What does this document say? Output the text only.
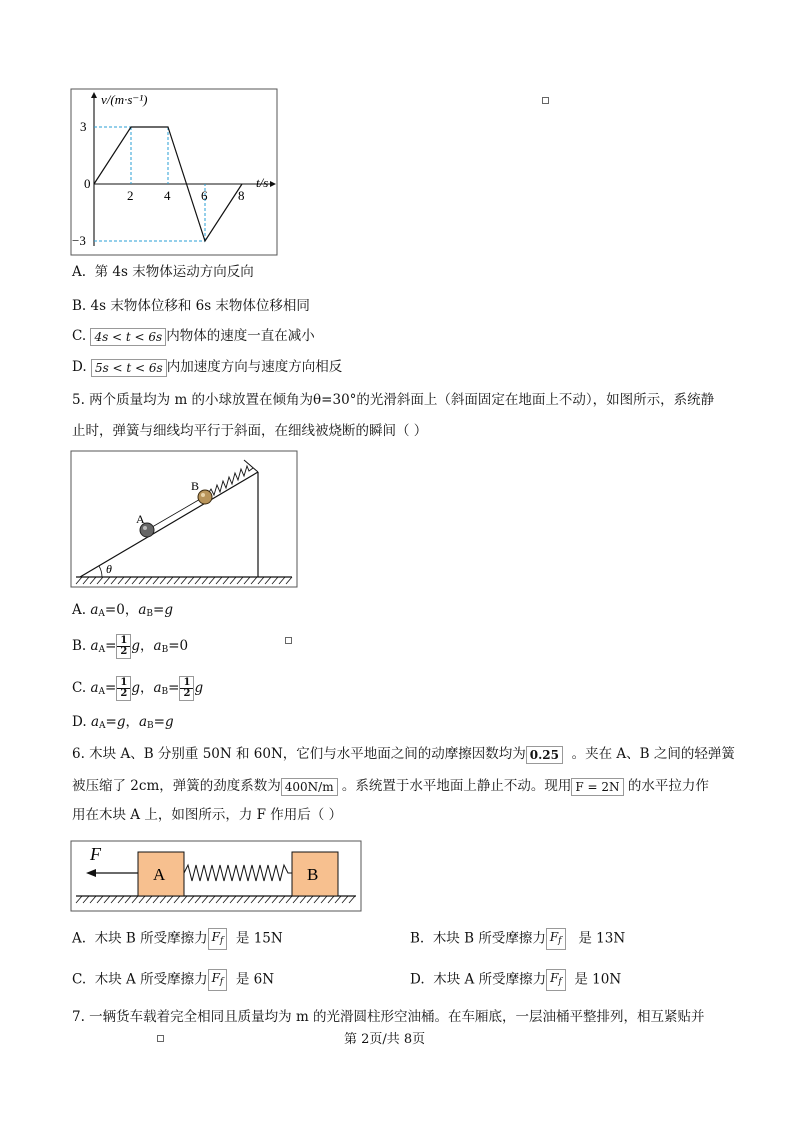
0
2 4 6 8
3
−3
t/s
v/(m·s⁻¹)
A. 第 4s 末物体运动方向反向
B. 4s 末物体位移和 6s 末物体位移相同
C. 4s < t < 6s 内物体的速度一直在减小
D. 5s < t < 6s 内加速度方向与速度方向相反
5. 两个质量均为 m 的小球放置在倾角为θ=30°的光滑斜面上（斜面固定在地面上不动），如图所示，系统静
止时，弹簧与细线均平行于斜面，在细线被烧断的瞬间（ ）
A
B
θ
A. $a_A=0$，$a_B=g$
B. $a_A= \frac{1}{2}$ g，$a_B=0$
C. $a_A= \frac{1}{2}$ g，$a_B= \frac{1}{2}$ g
D. $a_A=g$，$a_B=g$
6. 木块 A、B 分别重 50N 和 60N，它们与水平地面之间的动摩擦因数均为 0.25 。夹在 A、B 之间的轻弹簧
被压缩了 2cm，弹簧的劲度系数为 400N/m 。系统置于水平地面上静止不动。现用 F = 2N 的水平拉力作
用在木块 A 上，如图所示，力 F 作用后（ ）
F
A	B
A. 木块 B 所受摩擦力 $F_f$ 是 15N	B. 木块 B 所受摩擦力 $F_f$ 是 13N
C. 木块 A 所受摩擦力 $F_f$ 是 6N	D. 木块 A 所受摩擦力 $F_f$ 是 10N
7. 一辆货车载着完全相同且质量均为 m 的光滑圆柱形空油桶。在车厢底，一层油桶平整排列，相互紧贴并
第 2页/共 8页
